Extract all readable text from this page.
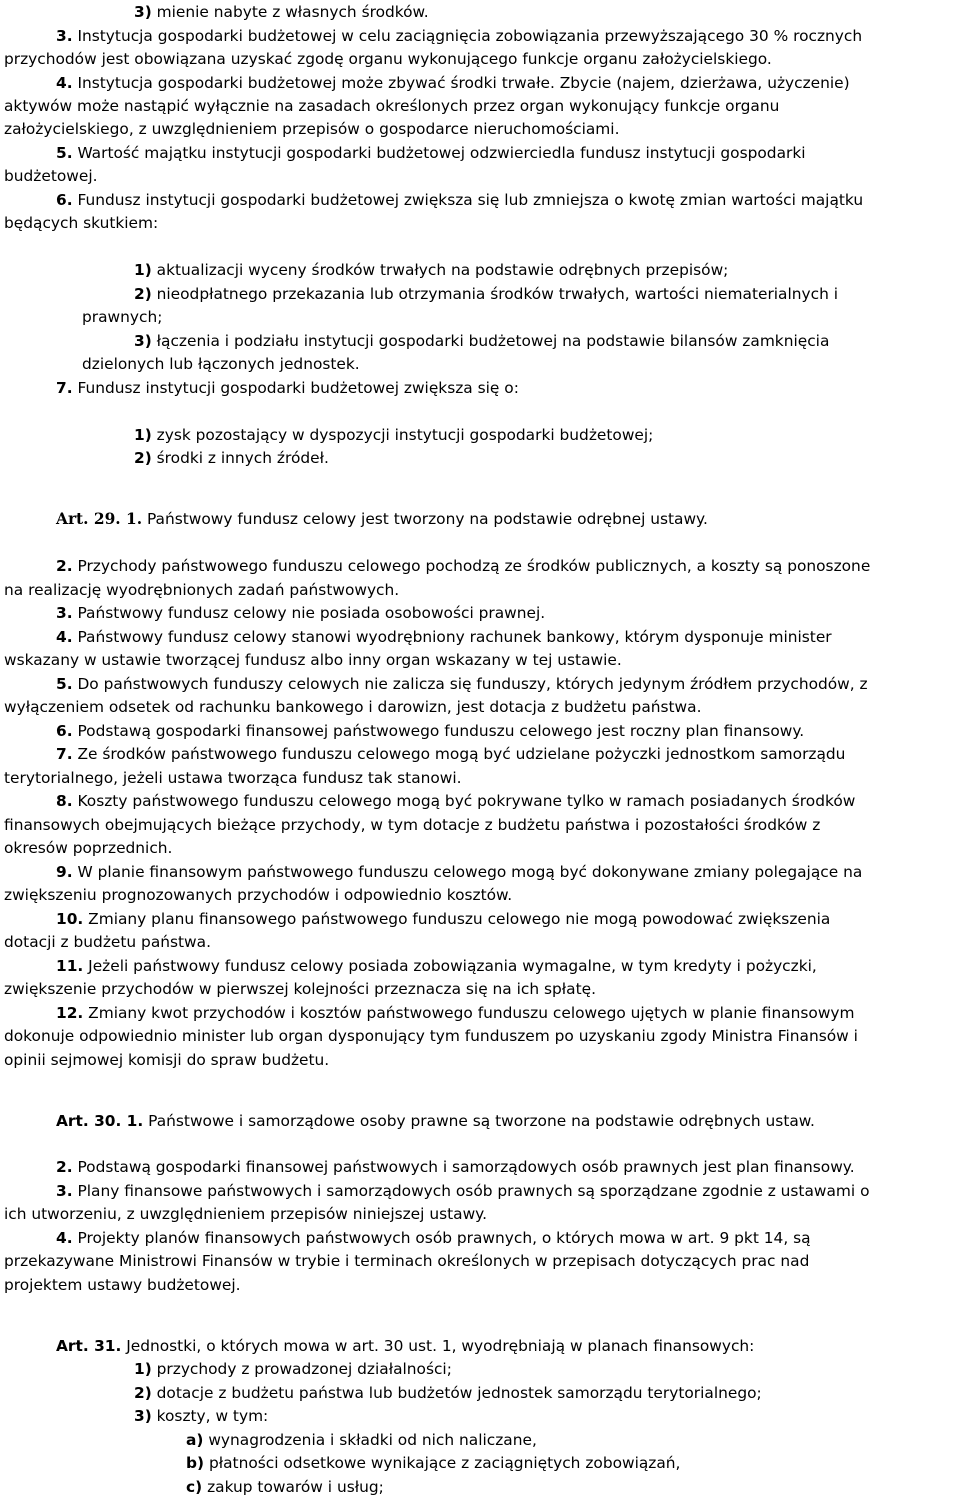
3) mienie nabyte z własnych środków.
3. Instytucja gospodarki budżetowej w celu zaciągnięcia zobowiązania przewyższającego 30 % rocznych
przychodów jest obowiązana uzyskać zgodę organu wykonującego funkcje organu założycielskiego.
4. Instytucja gospodarki budżetowej może zbywać środki trwałe. Zbycie (najem, dzierżawa, użyczenie)
aktywów może nastąpić wyłącznie na zasadach określonych przez organ wykonujący funkcje organu
założycielskiego, z uwzględnieniem przepisów o gospodarce nieruchomościami.
5. Wartość majątku instytucji gospodarki budżetowej odzwierciedla fundusz instytucji gospodarki
budżetowej.
6. Fundusz instytucji gospodarki budżetowej zwiększa się lub zmniejsza o kwotę zmian wartości majątku
będących skutkiem:
1) aktualizacji wyceny środków trwałych na podstawie odrębnych przepisów;
2) nieodpłatnego przekazania lub otrzymania środków trwałych, wartości niematerialnych i
prawnych;
3) łączenia i podziału instytucji gospodarki budżetowej na podstawie bilansów zamknięcia
dzielonych lub łączonych jednostek.
7. Fundusz instytucji gospodarki budżetowej zwiększa się o:
1) zysk pozostający w dyspozycji instytucji gospodarki budżetowej;
2) środki z innych źródeł.
Art. 29. 1. Państwowy fundusz celowy jest tworzony na podstawie odrębnej ustawy.
2. Przychody państwowego funduszu celowego pochodzą ze środków publicznych, a koszty są ponoszone
na realizację wyodrębnionych zadań państwowych.
3. Państwowy fundusz celowy nie posiada osobowości prawnej.
4. Państwowy fundusz celowy stanowi wyodrębniony rachunek bankowy, którym dysponuje minister
wskazany w ustawie tworzącej fundusz albo inny organ wskazany w tej ustawie.
5. Do państwowych funduszy celowych nie zalicza się funduszy, których jedynym źródłem przychodów, z
wyłączeniem odsetek od rachunku bankowego i darowizn, jest dotacja z budżetu państwa.
6. Podstawą gospodarki finansowej państwowego funduszu celowego jest roczny plan finansowy.
7. Ze środków państwowego funduszu celowego mogą być udzielane pożyczki jednostkom samorządu
terytorialnego, jeżeli ustawa tworząca fundusz tak stanowi.
8. Koszty państwowego funduszu celowego mogą być pokrywane tylko w ramach posiadanych środków
finansowych obejmujących bieżące przychody, w tym dotacje z budżetu państwa i pozostałości środków z
okresów poprzednich.
9. W planie finansowym państwowego funduszu celowego mogą być dokonywane zmiany polegające na
zwiększeniu prognozowanych przychodów i odpowiednio kosztów.
10. Zmiany planu finansowego państwowego funduszu celowego nie mogą powodować zwiększenia
dotacji z budżetu państwa.
11. Jeżeli państwowy fundusz celowy posiada zobowiązania wymagalne, w tym kredyty i pożyczki,
zwiększenie przychodów w pierwszej kolejności przeznacza się na ich spłatę.
12. Zmiany kwot przychodów i kosztów państwowego funduszu celowego ujętych w planie finansowym
dokonuje odpowiednio minister lub organ dysponujący tym funduszem po uzyskaniu zgody Ministra Finansów i
opinii sejmowej komisji do spraw budżetu.
Art. 30. 1. Państwowe i samorządowe osoby prawne są tworzone na podstawie odrębnych ustaw.
2. Podstawą gospodarki finansowej państwowych i samorządowych osób prawnych jest plan finansowy.
3. Plany finansowe państwowych i samorządowych osób prawnych są sporządzane zgodnie z ustawami o
ich utworzeniu, z uwzględnieniem przepisów niniejszej ustawy.
4. Projekty planów finansowych państwowych osób prawnych, o których mowa w art. 9 pkt 14, są
przekazywane Ministrowi Finansów w trybie i terminach określonych w przepisach dotyczących prac nad
projektem ustawy budżetowej.
Art. 31. Jednostki, o których mowa w art. 30 ust. 1, wyodrębniają w planach finansowych:
1) przychody z prowadzonej działalności;
2) dotacje z budżetu państwa lub budżetów jednostek samorządu terytorialnego;
3) koszty, w tym:
a) wynagrodzenia i składki od nich naliczane,
b) płatności odsetkowe wynikające z zaciągniętych zobowiązań,
c) zakup towarów i usług;
